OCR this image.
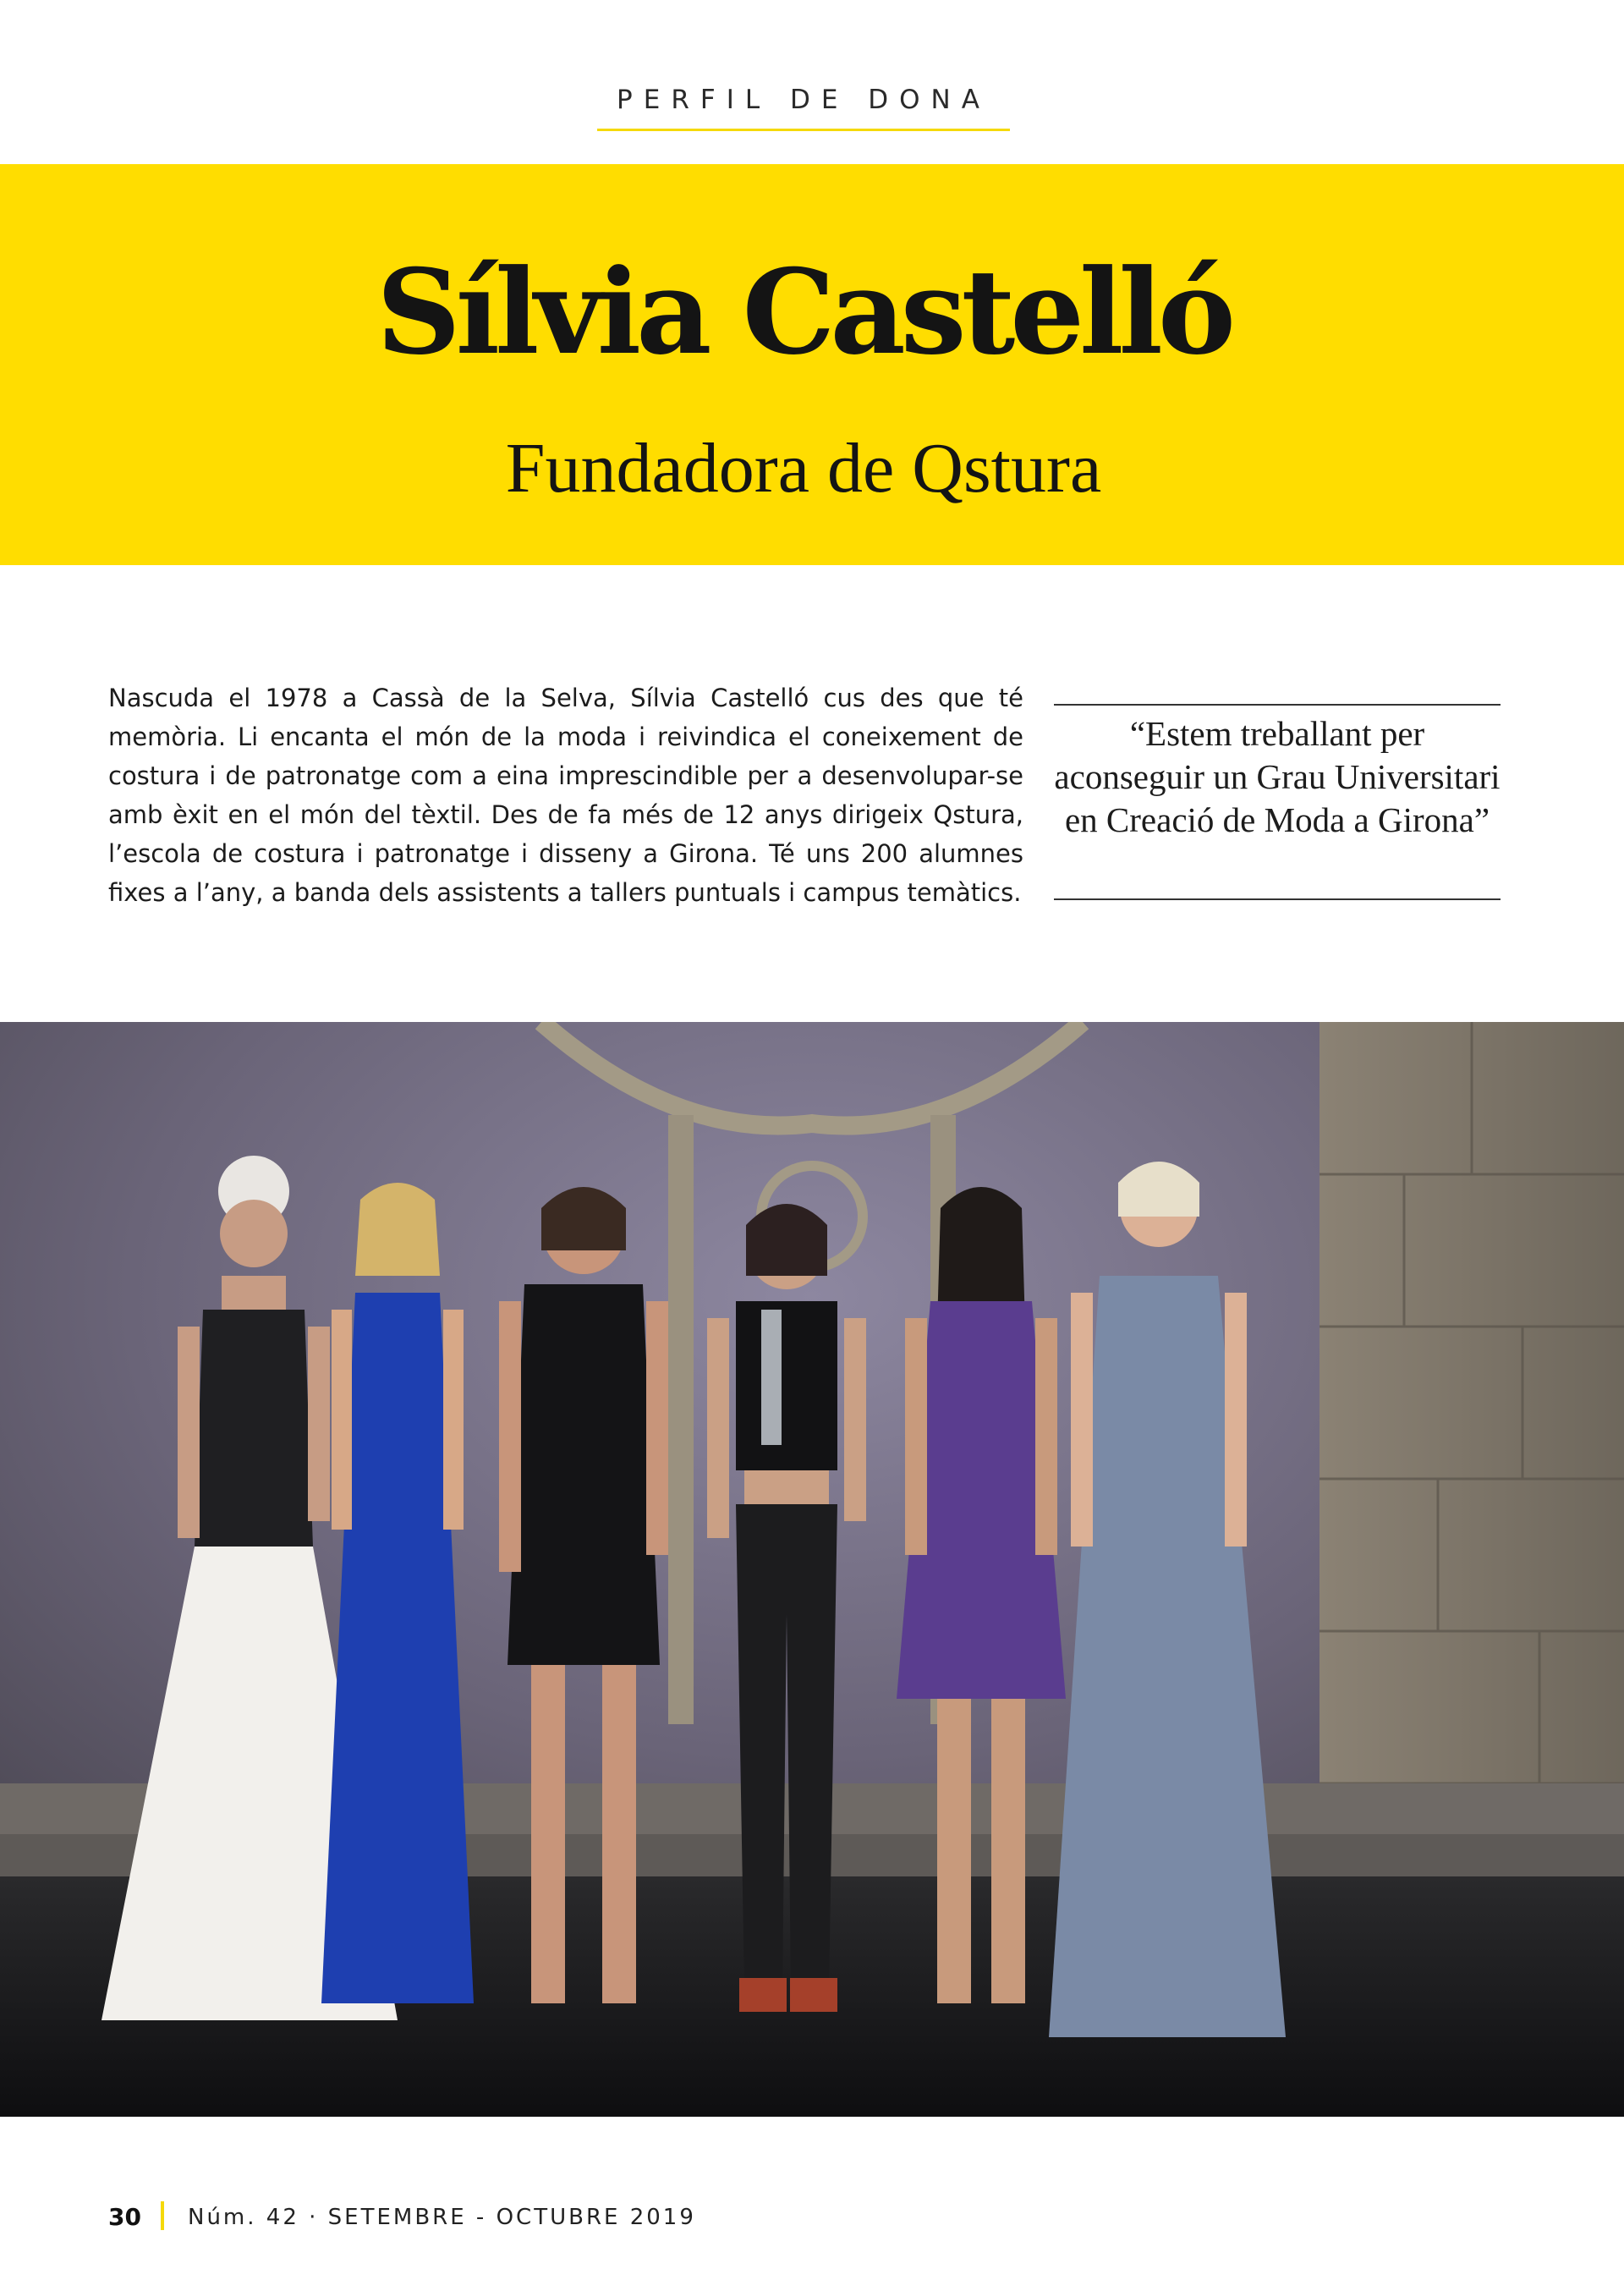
PERFIL DE DONA
Sílvia Castelló
Fundadora de Qstura

Nascuda el 1978 a Cassà de la Selva, Sílvia Castelló cus des que té memòria. Li encanta el món de la moda i reivindica el coneixement de costura i de patronatge com a eina imprescindible per a desenvolupar-se amb èxit en el món del tèxtil. Des de fa més de 12 anys dirigeix Qstura, l’escola de costura i patronatge i disseny a Girona. Té uns 200 alumnes fixes a l’any, a banda dels assistents a tallers puntuals i campus temàtics.

“Estem treballant per aconseguir un Grau Universitari en Creació de Moda a Girona”

30 Núm. 42 · SETEMBRE - OCTUBRE 2019
